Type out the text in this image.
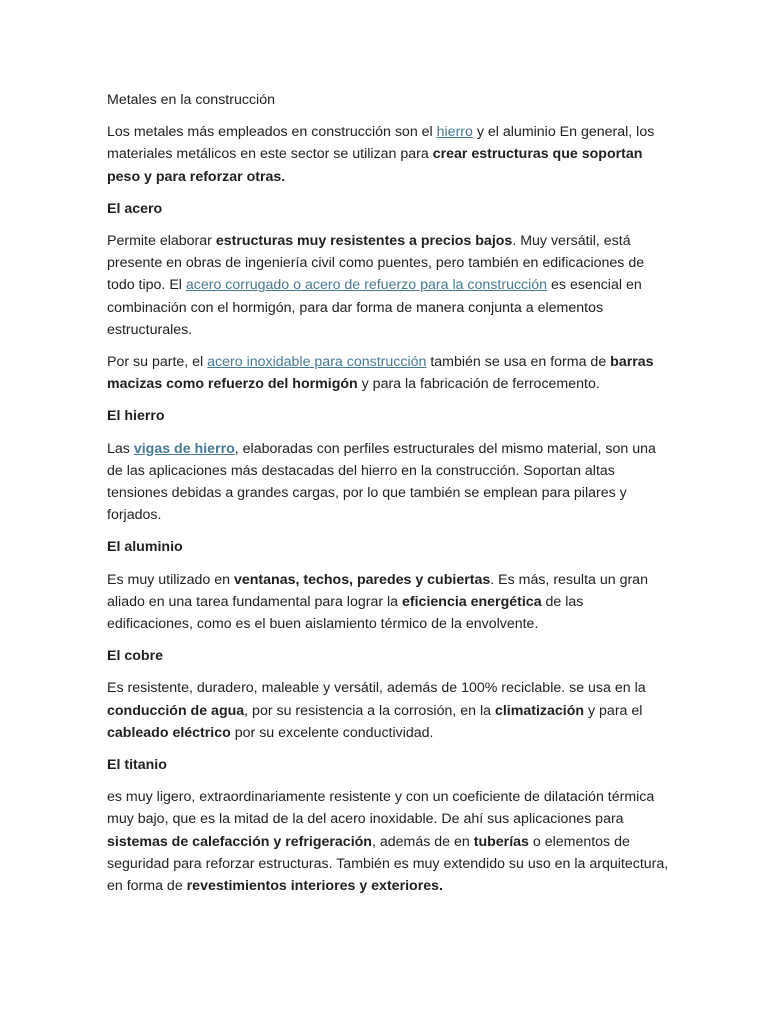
Metales en la construcción

Los metales más empleados en construcción son el hierro y el aluminio En general, los materiales metálicos en este sector se utilizan para crear estructuras que soportan peso y para reforzar otras.

El acero

Permite elaborar estructuras muy resistentes a precios bajos. Muy versátil, está presente en obras de ingeniería civil como puentes, pero también en edificaciones de todo tipo. El acero corrugado o acero de refuerzo para la construcción es esencial en combinación con el hormigón, para dar forma de manera conjunta a elementos estructurales.

Por su parte, el acero inoxidable para construcción también se usa en forma de barras macizas como refuerzo del hormigón y para la fabricación de ferrocemento.

El hierro

Las vigas de hierro, elaboradas con perfiles estructurales del mismo material, son una de las aplicaciones más destacadas del hierro en la construcción. Soportan altas tensiones debidas a grandes cargas, por lo que también se emplean para pilares y forjados.

El aluminio

Es muy utilizado en ventanas, techos, paredes y cubiertas. Es más, resulta un gran aliado en una tarea fundamental para lograr la eficiencia energética de las edificaciones, como es el buen aislamiento térmico de la envolvente.

El cobre

Es resistente, duradero, maleable y versátil, además de 100% reciclable. se usa en la conducción de agua, por su resistencia a la corrosión, en la climatización y para el cableado eléctrico por su excelente conductividad.

El titanio

es muy ligero, extraordinariamente resistente y con un coeficiente de dilatación térmica muy bajo, que es la mitad de la del acero inoxidable. De ahí sus aplicaciones para sistemas de calefacción y refrigeración, además de en tuberías o elementos de seguridad para reforzar estructuras. También es muy extendido su uso en la arquitectura, en forma de revestimientos interiores y exteriores.
